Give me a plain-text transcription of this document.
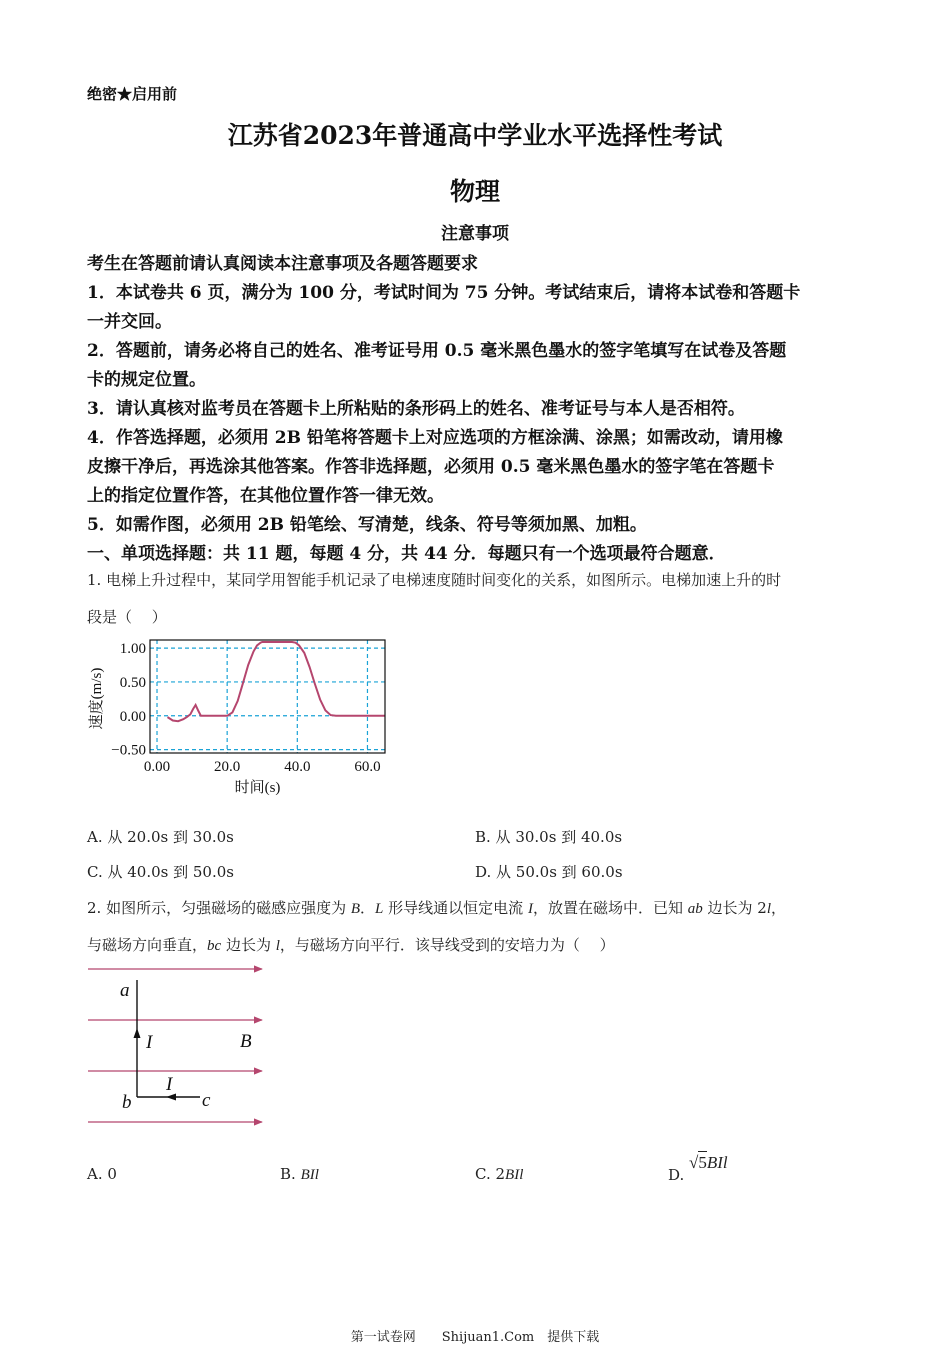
绝密★启用前
江苏省2023年普通高中学业水平选择性考试
物理
注意事项
考生在答题前请认真阅读本注意事项及各题答题要求
1．本试卷共 6 页，满分为 100 分，考试时间为 75 分钟。考试结束后，请将本试卷和答题卡
一并交回。
2．答题前，请务必将自己的姓名、准考证号用 0.5 毫米黑色墨水的签字笔填写在试卷及答题
卡的规定位置。
3．请认真核对监考员在答题卡上所粘贴的条形码上的姓名、准考证号与本人是否相符。
4．作答选择题，必须用 2B 铅笔将答题卡上对应选项的方框涂满、涂黑；如需改动，请用橡
皮擦干净后，再选涂其他答案。作答非选择题，必须用 0.5 毫米黑色墨水的签字笔在答题卡
上的指定位置作答，在其他位置作答一律无效。
5．如需作图，必须用 2B 铅笔绘、写清楚，线条、符号等须加黑、加粗。
一、单项选择题：共 11 题，每题 4 分，共 44 分．每题只有一个选项最符合题意．
1. 电梯上升过程中，某同学用智能手机记录了电梯速度随时间变化的关系，如图所示。电梯加速上升的时
段是（　 ）
1.00
0.50
0.00
−0.50
0.00	20.0	40.0	60.0
时间(s)
速度(m/s)
A. 从 20.0s 到 30.0s	B. 从 30.0s 到 40.0s
C. 从 40.0s 到 50.0s	D. 从 50.0s 到 60.0s
2. 如图所示，匀强磁场的磁感应强度为 B．L 形导线通以恒定电流 I，放置在磁场中．已知 ab 边长为 2l，
与磁场方向垂直，bc 边长为 l，与磁场方向平行．该导线受到的安培力为（　 ）
a
b	c
I
I
B
A. 0	B. BIl	C. 2BIl	D. √5BIl
第一试卷网　　Shijuan1.Com　提供下载
